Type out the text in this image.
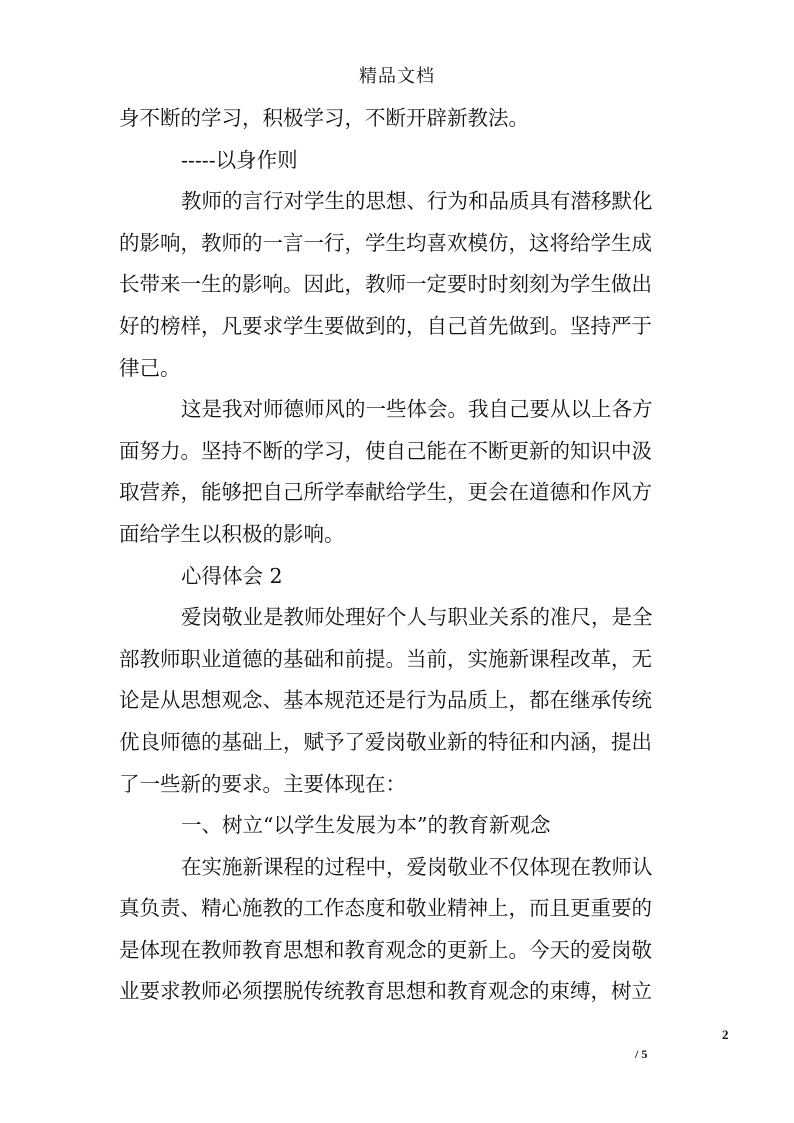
精品文档
身不断的学习，积极学习，不断开辟新教法。
-----以身作则
教师的言行对学生的思想、行为和品质具有潜移默化
的影响，教师的一言一行，学生均喜欢模仿，这将给学生成
长带来一生的影响。因此，教师一定要时时刻刻为学生做出
好的榜样，凡要求学生要做到的，自己首先做到。坚持严于
律己。
这是我对师德师风的一些体会。我自己要从以上各方
面努力。坚持不断的学习，使自己能在不断更新的知识中汲
取营养，能够把自己所学奉献给学生，更会在道德和作风方
面给学生以积极的影响。
心得体会 2
爱岗敬业是教师处理好个人与职业关系的准尺，是全
部教师职业道德的基础和前提。当前，实施新课程改革，无
论是从思想观念、基本规范还是行为品质上，都在继承传统
优良师德的基础上，赋予了爱岗敬业新的特征和内涵，提出
了一些新的要求。主要体现在：
一、树立“以学生发展为本”的教育新观念
在实施新课程的过程中，爱岗敬业不仅体现在教师认
真负责、精心施教的工作态度和敬业精神上，而且更重要的
是体现在教师教育思想和教育观念的更新上。今天的爱岗敬
业要求教师必须摆脱传统教育思想和教育观念的束缚，树立
2
/ 5
